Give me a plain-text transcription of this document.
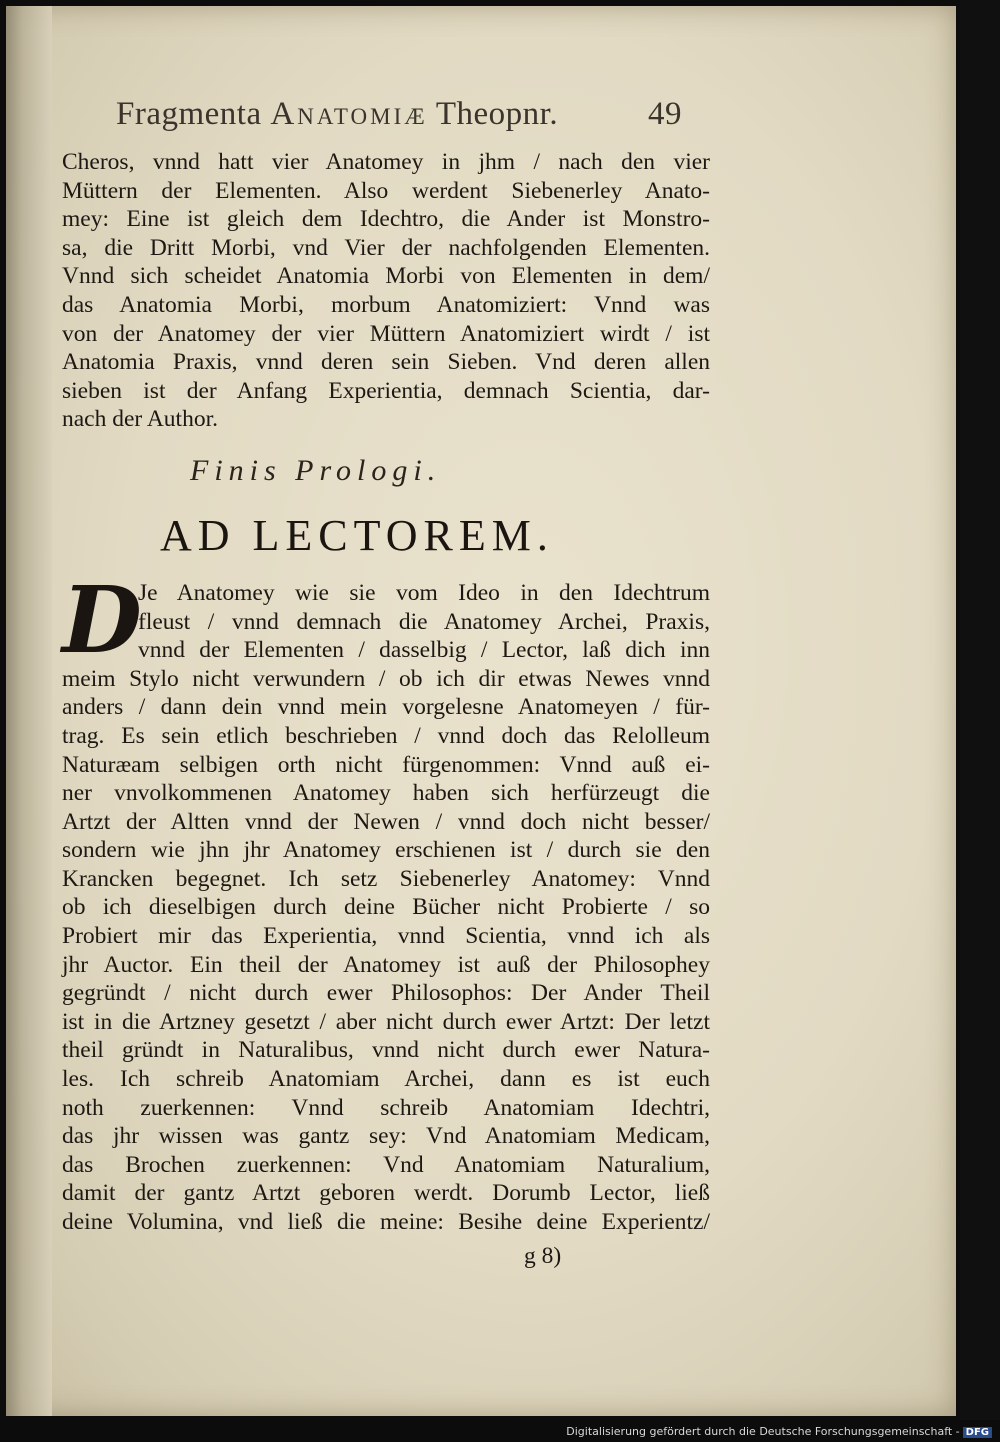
Fragmenta Anatomiæ Theopnr.	49
Cheros, vnnd hatt vier Anatomey in jhm / nach den vier
Müttern der Elementen. Also werdent Siebenerley Anato-
mey: Eine ist gleich dem Idechtro, die Ander ist Monstro-
sa, die Dritt Morbi, vnd Vier der nachfolgenden Elementen.
Vnnd sich scheidet Anatomia Morbi von Elementen in dem/
das Anatomia Morbi, morbum Anatomiziert: Vnnd was
von der Anatomey der vier Müttern Anatomiziert wirdt / ist
Anatomia Praxis, vnnd deren sein Sieben. Vnd deren allen
sieben ist der Anfang Experientia, demnach Scientia, dar-
nach der Author.
Finis Prologi.
AD LECTOREM.
D
Je Anatomey wie sie vom Ideo in den Idechtrum
fleust / vnnd demnach die Anatomey Archei, Praxis,
vnnd der Elementen / dasselbig / Lector, laß dich inn
meim Stylo nicht verwundern / ob ich dir etwas Newes vnnd
anders / dann dein vnnd mein vorgelesne Anatomeyen / für-
trag. Es sein etlich beschrieben / vnnd doch das Relolleum
Naturæam selbigen orth nicht fürgenommen: Vnnd auß ei-
ner vnvolkommenen Anatomey haben sich herfürzeugt die
Artzt der Altten vnnd der Newen / vnnd doch nicht besser/
sondern wie jhn jhr Anatomey erschienen ist / durch sie den
Krancken begegnet. Ich setz Siebenerley Anatomey: Vnnd
ob ich dieselbigen durch deine Bücher nicht Probierte / so
Probiert mir das Experientia, vnnd Scientia, vnnd ich als
jhr Auctor. Ein theil der Anatomey ist auß der Philosophey
gegründt / nicht durch ewer Philosophos: Der Ander Theil
ist in die Artzney gesetzt / aber nicht durch ewer Artzt: Der letzt
theil gründt in Naturalibus, vnnd nicht durch ewer Natura-
les. Ich schreib Anatomiam Archei, dann es ist euch
noth zuerkennen: Vnnd schreib Anatomiam Idechtri,
das jhr wissen was gantz sey: Vnd Anatomiam Medicam,
das Brochen zuerkennen: Vnd Anatomiam Naturalium,
damit der gantz Artzt geboren werdt. Dorumb Lector, ließ
deine Volumina, vnd ließ die meine: Besihe deine Experientz/
g 8)
Digitalisierung gefördert durch die Deutsche Forschungsgemeinschaft - DFG
